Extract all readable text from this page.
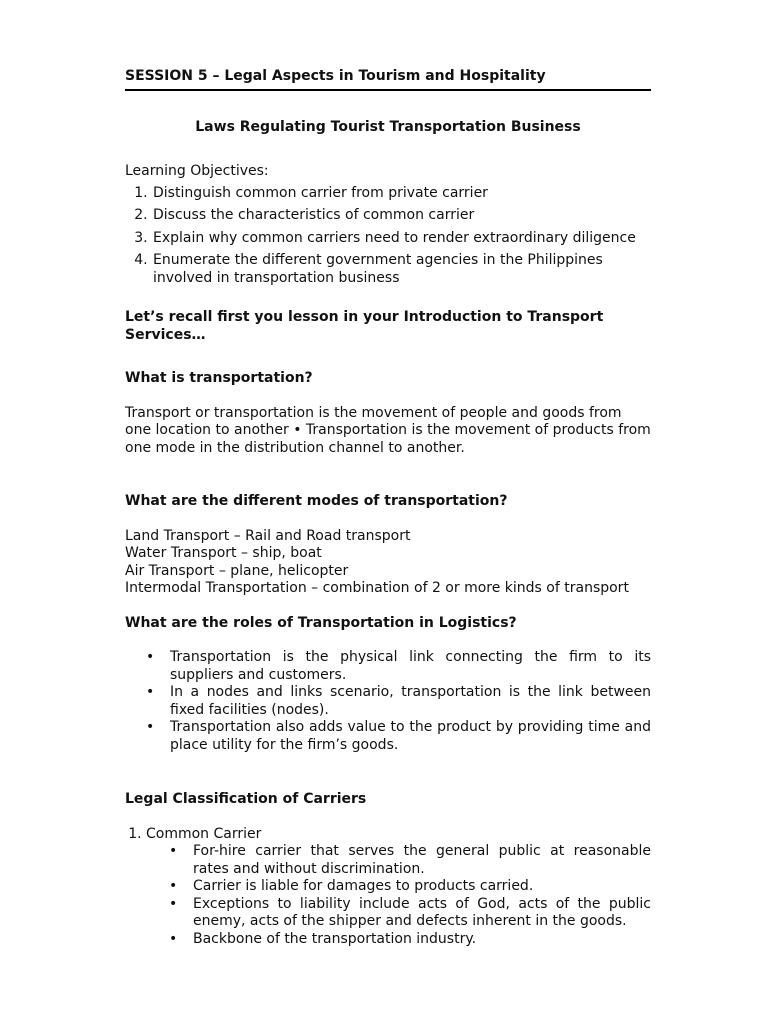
SESSION 5 – Legal Aspects in Tourism and Hospitality
Laws Regulating Tourist Transportation Business
Learning Objectives:
1. Distinguish common carrier from private carrier
2. Discuss the characteristics of common carrier
3. Explain why common carriers need to render extraordinary diligence
4. Enumerate the different government agencies in the Philippines involved in transportation business
Let’s recall first you lesson in your Introduction to Transport Services…
What is transportation?
Transport or transportation is the movement of people and goods from one location to another • Transportation is the movement of products from one mode in the distribution channel to another.
What are the different modes of transportation?
Land Transport – Rail and Road transport
Water Transport – ship, boat
Air Transport – plane, helicopter
Intermodal Transportation – combination of 2 or more kinds of transport
What are the roles of Transportation in Logistics?
• Transportation is the physical link connecting the firm to its suppliers and customers.
• In a nodes and links scenario, transportation is the link between fixed facilities (nodes).
• Transportation also adds value to the product by providing time and place utility for the firm’s goods.
Legal Classification of Carriers
1. Common Carrier
• For-hire carrier that serves the general public at reasonable rates and without discrimination.
• Carrier is liable for damages to products carried.
• Exceptions to liability include acts of God, acts of the public enemy, acts of the shipper and defects inherent in the goods.
• Backbone of the transportation industry.
